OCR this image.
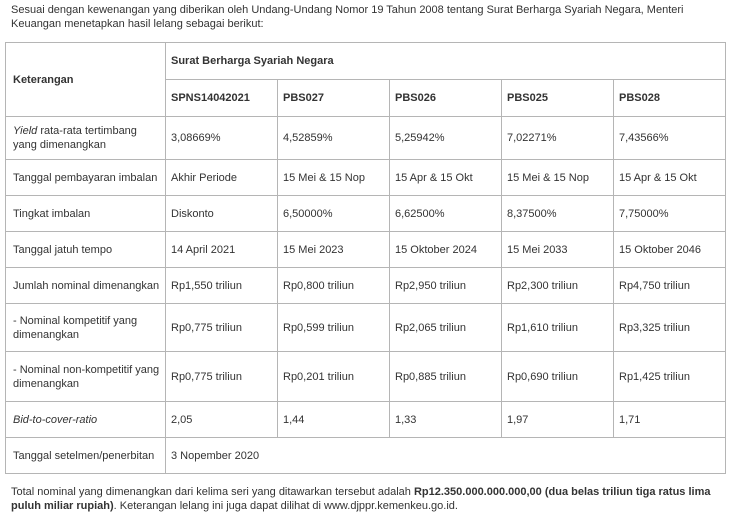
Sesuai dengan kewenangan yang diberikan oleh Undang-Undang Nomor 19 Tahun 2008 tentang Surat Berharga Syariah Negara, Menteri Keuangan menetapkan hasil lelang sebagai berikut:

Keterangan	Surat Berharga Syariah Negara				
	SPNS14042021	PBS027	PBS026	PBS025	PBS028
Yield rata-rata tertimbang yang dimenangkan	3,08669%	4,52859%	5,25942%	7,02271%	7,43566%
Tanggal pembayaran imbalan	Akhir Periode	15 Mei & 15 Nop	15 Apr & 15 Okt	15 Mei & 15 Nop	15 Apr & 15 Okt
Tingkat imbalan	Diskonto	6,50000%	6,62500%	8,37500%	7,75000%
Tanggal jatuh tempo	14 April 2021	15 Mei 2023	15 Oktober 2024	15 Mei 2033	15 Oktober 2046
Jumlah nominal dimenangkan	Rp1,550 triliun	Rp0,800 triliun	Rp2,950 triliun	Rp2,300 triliun	Rp4,750 triliun
- Nominal kompetitif yang dimenangkan	Rp0,775 triliun	Rp0,599 triliun	Rp2,065 triliun	Rp1,610 triliun	Rp3,325 triliun
- Nominal non-kompetitif yang dimenangkan	Rp0,775 triliun	Rp0,201 triliun	Rp0,885 triliun	Rp0,690 triliun	Rp1,425 triliun
Bid-to-cover-ratio	2,05	1,44	1,33	1,97	1,71
Tanggal setelmen/penerbitan	3 Nopember 2020				

Total nominal yang dimenangkan dari kelima seri yang ditawarkan tersebut adalah Rp12.350.000.000.000,00 (dua belas triliun tiga ratus lima puluh miliar rupiah). Keterangan lelang ini juga dapat dilihat di www.djppr.kemenkeu.go.id.
